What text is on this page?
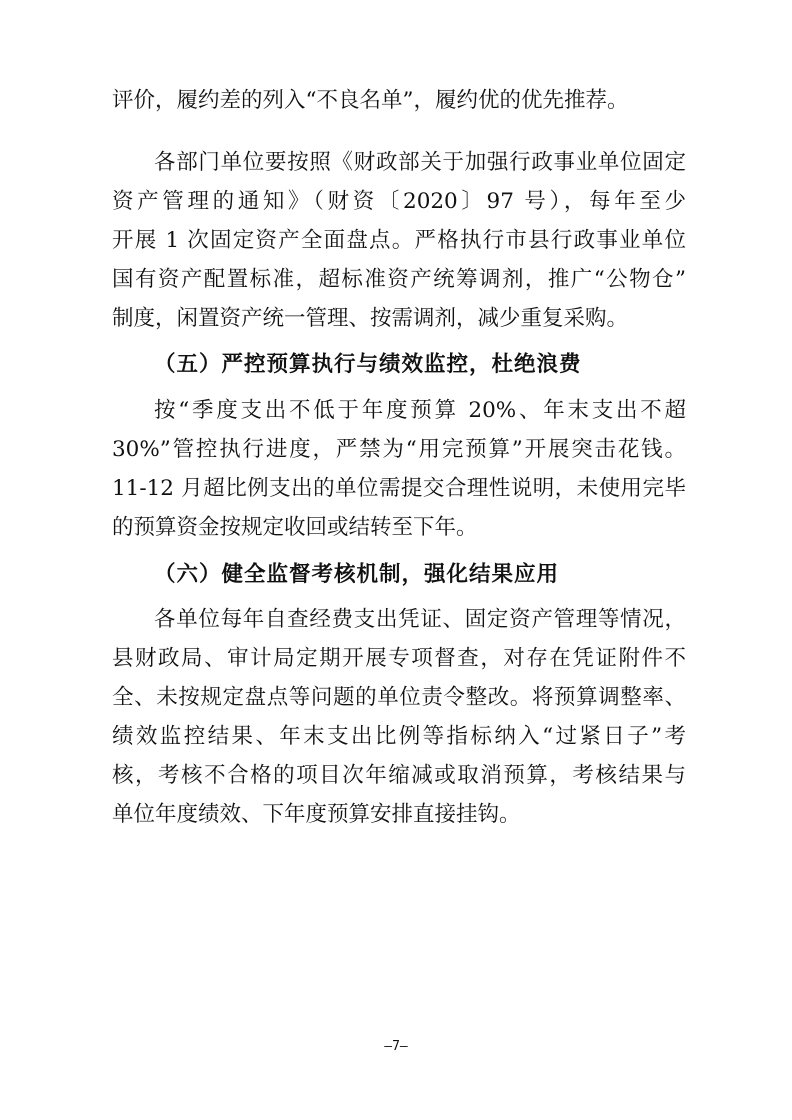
评价，履约差的列入“不良名单”，履约优的优先推荐。
各部门单位要按照《财政部关于加强行政事业单位固定
资产管理的通知》（财资〔2020〕97 号），每年至少
开展 1 次固定资产全面盘点。严格执行市县行政事业单位
国有资产配置标准，超标准资产统筹调剂，推广“公物仓”
制度，闲置资产统一管理、按需调剂，减少重复采购。
（五）严控预算执行与绩效监控，杜绝浪费
按“季度支出不低于年度预算 20%、年末支出不超
30%”管控执行进度，严禁为“用完预算”开展突击花钱。
11-12 月超比例支出的单位需提交合理性说明，未使用完毕
的预算资金按规定收回或结转至下年。
（六）健全监督考核机制，强化结果应用
各单位每年自查经费支出凭证、固定资产管理等情况，
县财政局、审计局定期开展专项督查，对存在凭证附件不
全、未按规定盘点等问题的单位责令整改。将预算调整率、
绩效监控结果、年末支出比例等指标纳入“过紧日子”考
核，考核不合格的项目次年缩减或取消预算，考核结果与
单位年度绩效、下年度预算安排直接挂钩。
—7—
